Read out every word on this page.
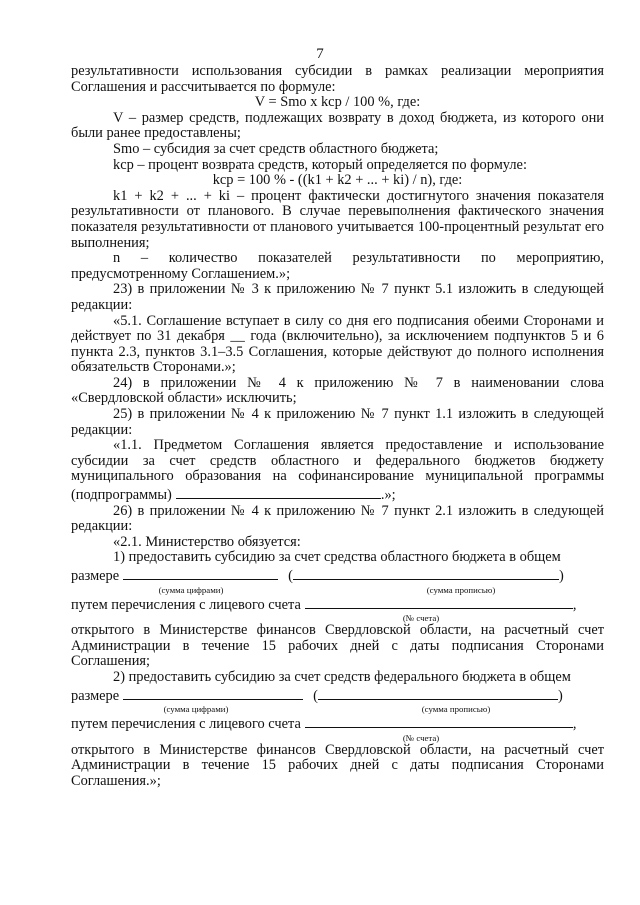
7

результативности использования субсидии в рамках реализации мероприятия Соглашения и рассчитывается по формуле:

V = Smo x kcp / 100 %, где:

V – размер средств, подлежащих возврату в доход бюджета, из которого они были ранее предоставлены;

Smo – субсидия за счет средств областного бюджета;

kcp – процент возврата средств, который определяется по формуле:

kcp = 100 % - ((k1 + k2 + ... + ki) / n), где:

k1 + k2 + ... + ki – процент фактически достигнутого значения показателя результативности от планового. В случае перевыполнения фактического значения показателя результативности от планового учитывается 100-процентный результат его выполнения;

n – количество показателей результативности по мероприятию, предусмотренному Соглашением.»;

23) в приложении № 3 к приложению № 7 пункт 5.1 изложить в следующей редакции:

«5.1. Соглашение вступает в силу со дня его подписания обеими Сторонами и действует по 31 декабря __ года (включительно), за исключением подпунктов 5 и 6 пункта 2.3, пунктов 3.1–3.5 Соглашения, которые действуют до полного исполнения обязательств Сторонами.»;

24) в приложении № 4 к приложению № 7 в наименовании слова «Свердловской области» исключить;

25) в приложении № 4 к приложению № 7 пункт 1.1 изложить в следующей редакции:

«1.1. Предметом Соглашения является предоставление и использование субсидии за счет средств областного и федерального бюджетов бюджету муниципального образования на софинансирование муниципальной программы

(подпрограммы)	.»;

26) в приложении № 4 к приложению № 7 пункт 2.1 изложить в следующей редакции:

«2.1. Министерство обязуется:

1) предоставить субсидию за счет средства областного бюджета в общем

размере	(	)
(сумма цифрами)	(сумма прописью)
путем перечисления с лицевого счета	,
(№ счета)

открытого в Министерстве финансов Свердловской области, на расчетный счет Администрации в течение 15 рабочих дней с даты подписания Сторонами Соглашения;

2) предоставить субсидию за счет средств федерального бюджета в общем

размере	(	)
(сумма цифрами)	(сумма прописью)
путем перечисления с лицевого счета	,
(№ счета)

открытого в Министерстве финансов Свердловской области, на расчетный счет Администрации в течение 15 рабочих дней с даты подписания Сторонами Соглашения.»;
